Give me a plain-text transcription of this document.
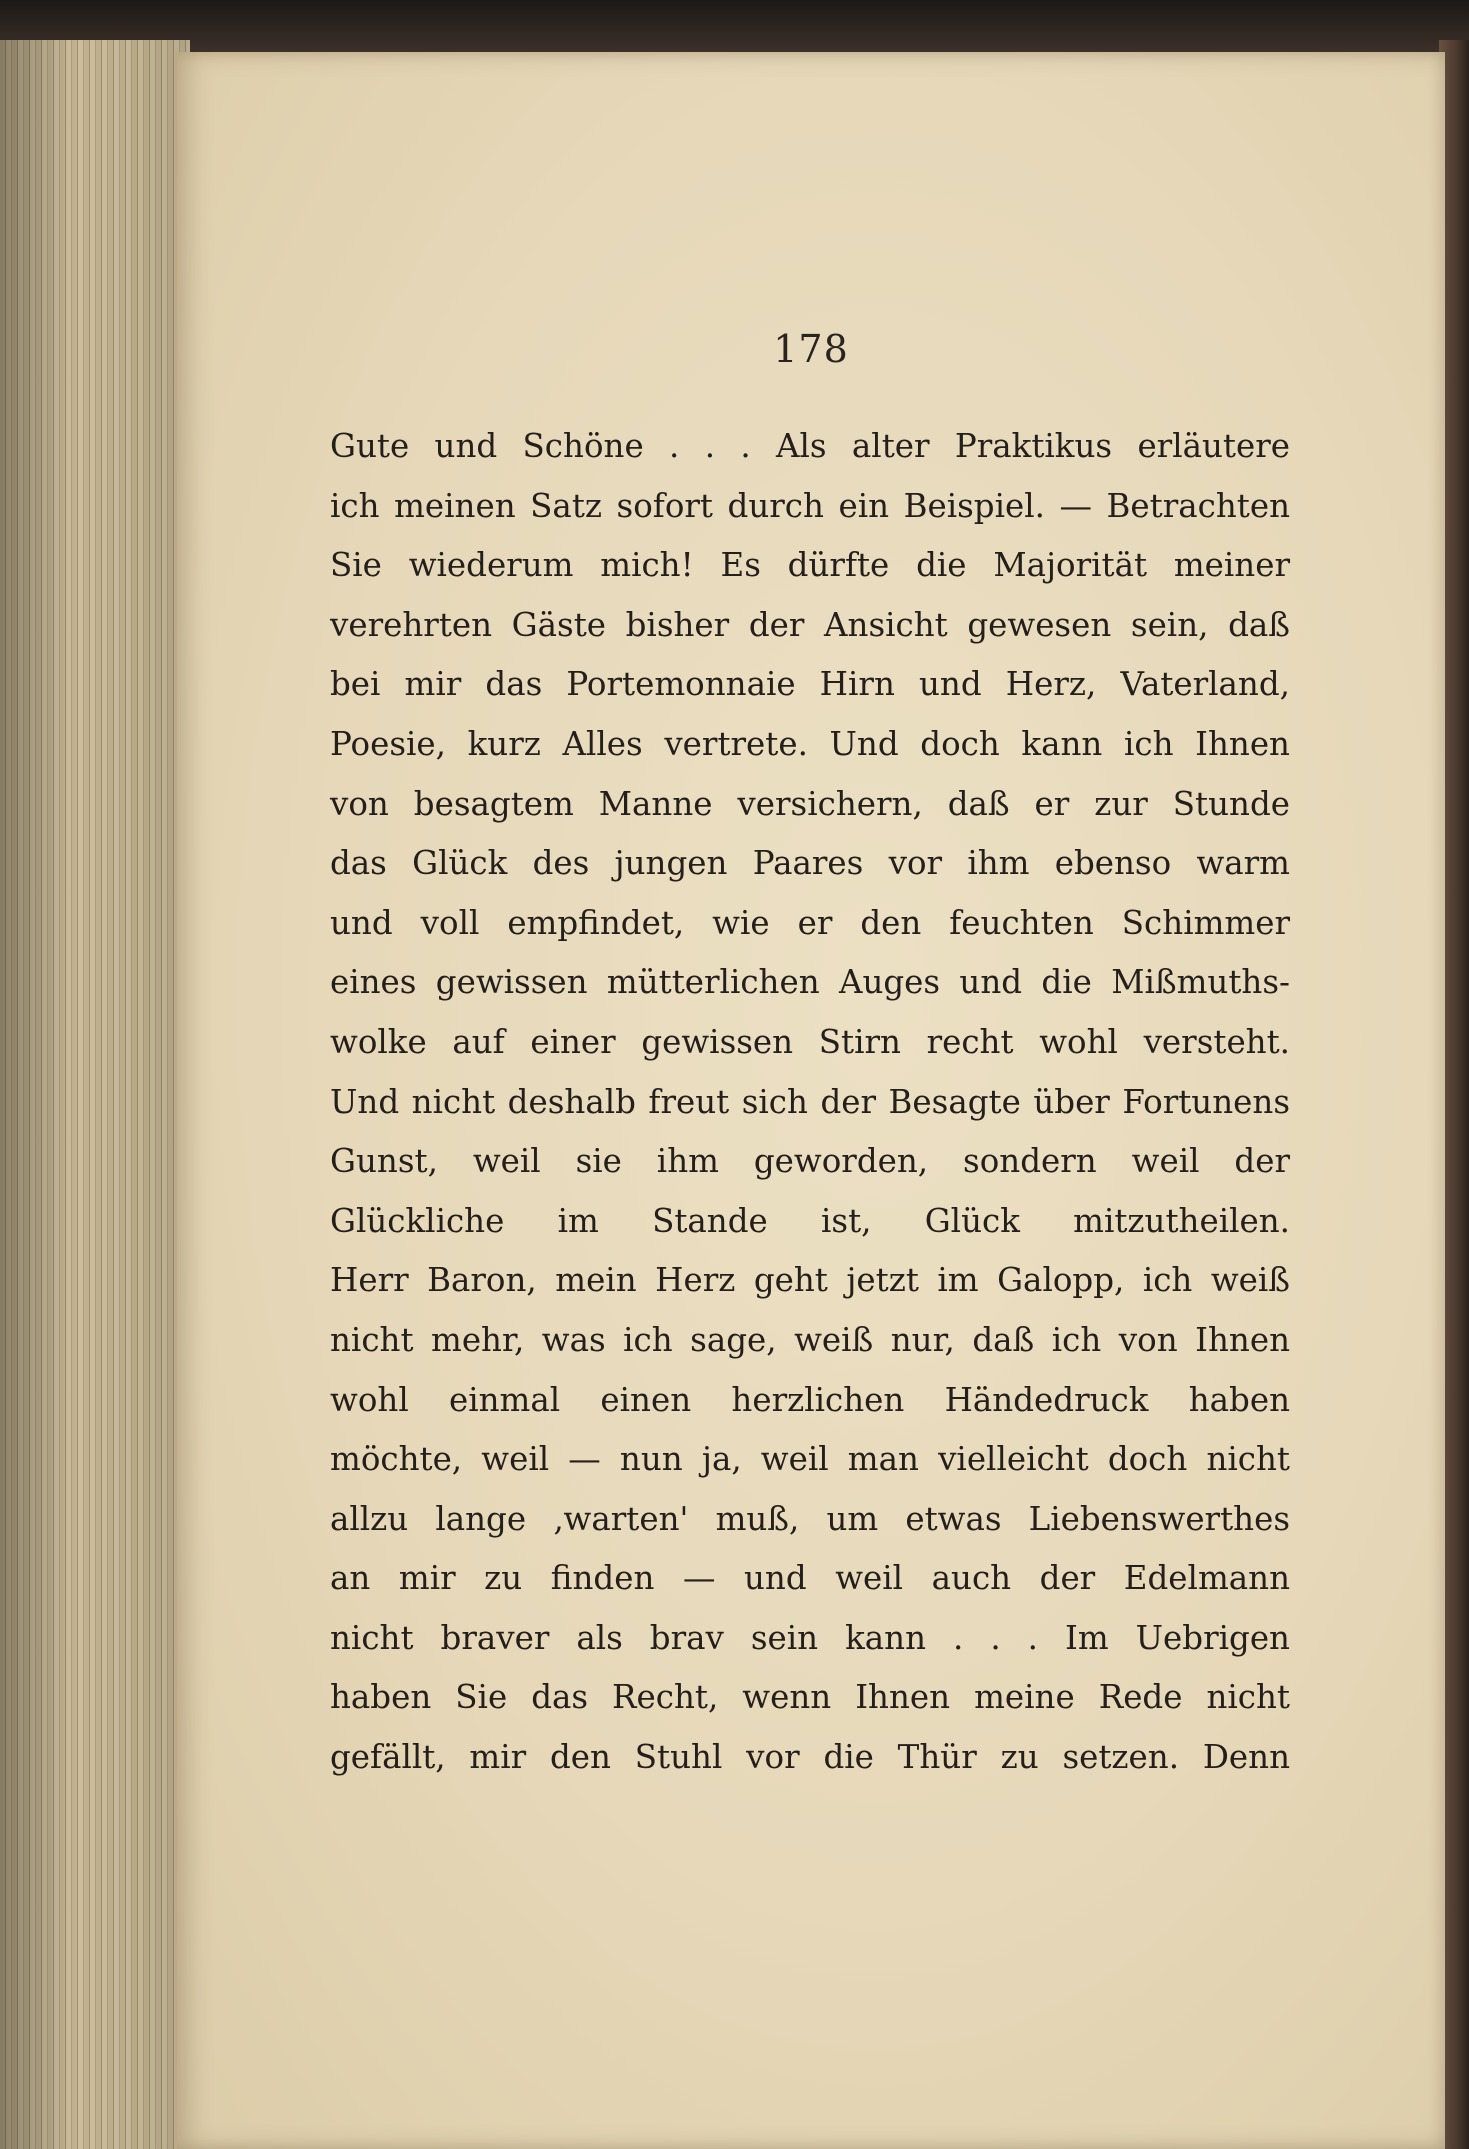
178
Gute und Schöne . . . Als alter Praktikus erläutere
ich meinen Satz sofort durch ein Beispiel. — Betrachten
Sie wiederum mich! Es dürfte die Majorität meiner
verehrten Gäste bisher der Ansicht gewesen sein, daß
bei mir das Portemonnaie Hirn und Herz, Vaterland,
Poesie, kurz Alles vertrete. Und doch kann ich Ihnen
von besagtem Manne versichern, daß er zur Stunde
das Glück des jungen Paares vor ihm ebenso warm
und voll empfindet, wie er den feuchten Schimmer
eines gewissen mütterlichen Auges und die Mißmuths-
wolke auf einer gewissen Stirn recht wohl versteht.
Und nicht deshalb freut sich der Besagte über Fortunens
Gunst, weil sie ihm geworden, sondern weil der
Glückliche im Stande ist, Glück mitzutheilen.
Herr Baron, mein Herz geht jetzt im Galopp, ich weiß
nicht mehr, was ich sage, weiß nur, daß ich von Ihnen
wohl einmal einen herzlichen Händedruck haben
möchte, weil — nun ja, weil man vielleicht doch nicht
allzu lange ‚warten' muß, um etwas Liebenswerthes
an mir zu finden — und weil auch der Edelmann
nicht braver als brav sein kann . . . Im Uebrigen
haben Sie das Recht, wenn Ihnen meine Rede nicht
gefällt, mir den Stuhl vor die Thür zu setzen. Denn
